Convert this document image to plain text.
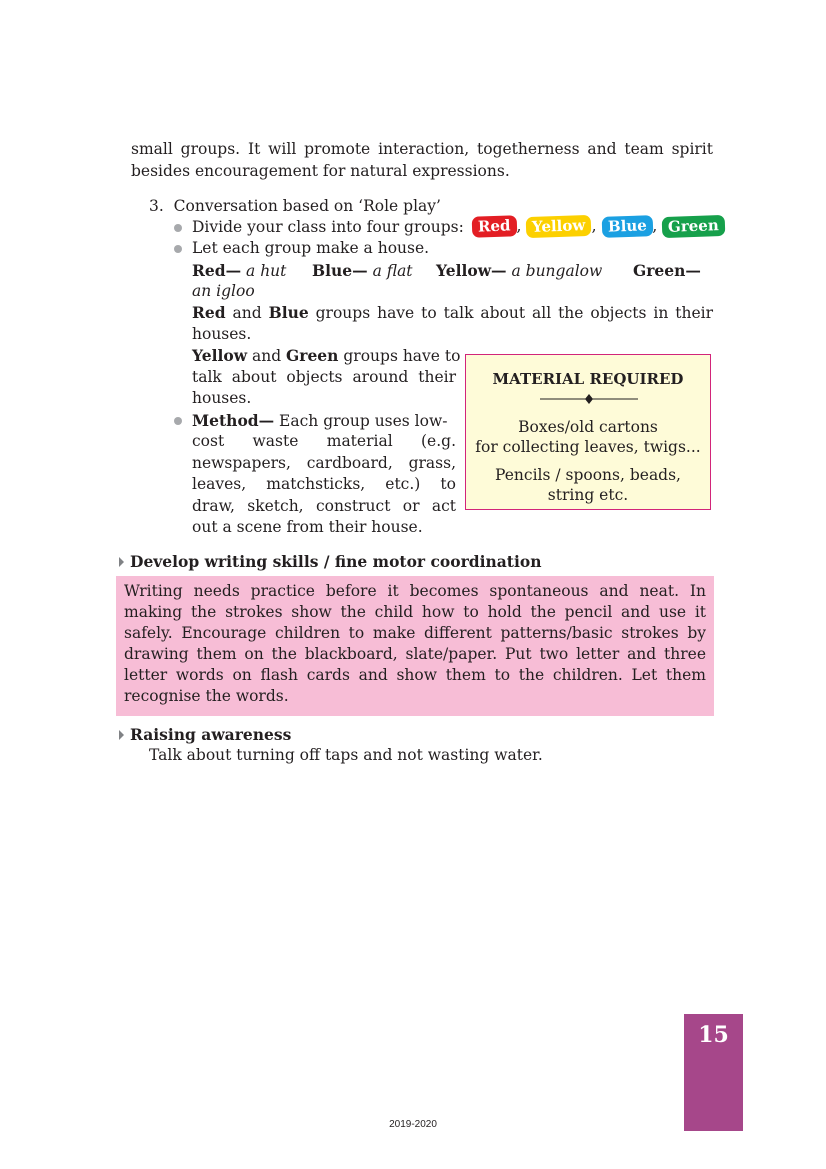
small groups. It will promote interaction, togetherness and team spirit
besides encouragement for natural expressions.
3.  Conversation based on ‘Role play’
Divide your class into four groups: Red , Yellow , Blue , Green
Let each group make a house.
Red— a hut Blue— a flat Yellow— a bungalow Green—
an igloo
Red and Blue groups have to talk about all the objects in their
houses.
Yellow and Green groups have to
talk about objects around their
houses.
Method— Each group uses low-
cost waste material (e.g.
newspapers, cardboard, grass,
leaves, matchsticks, etc.) to
draw, sketch, construct or act
out a scene from their house.
MATERIAL REQUIRED
Boxes/old cartons
for collecting leaves, twigs...
Pencils / spoons, beads,
string etc.
Develop writing skills / fine motor coordination
Writing needs practice before it becomes spontaneous and neat. In
making the strokes show the child how to hold the pencil and use it
safely. Encourage children to make different patterns/basic strokes by
drawing them on the blackboard, slate/paper. Put two letter and three
letter words on flash cards and show them to the children. Let them
recognise the words.
Raising awareness
Talk about turning off taps and not wasting water.
15
2019-2020
